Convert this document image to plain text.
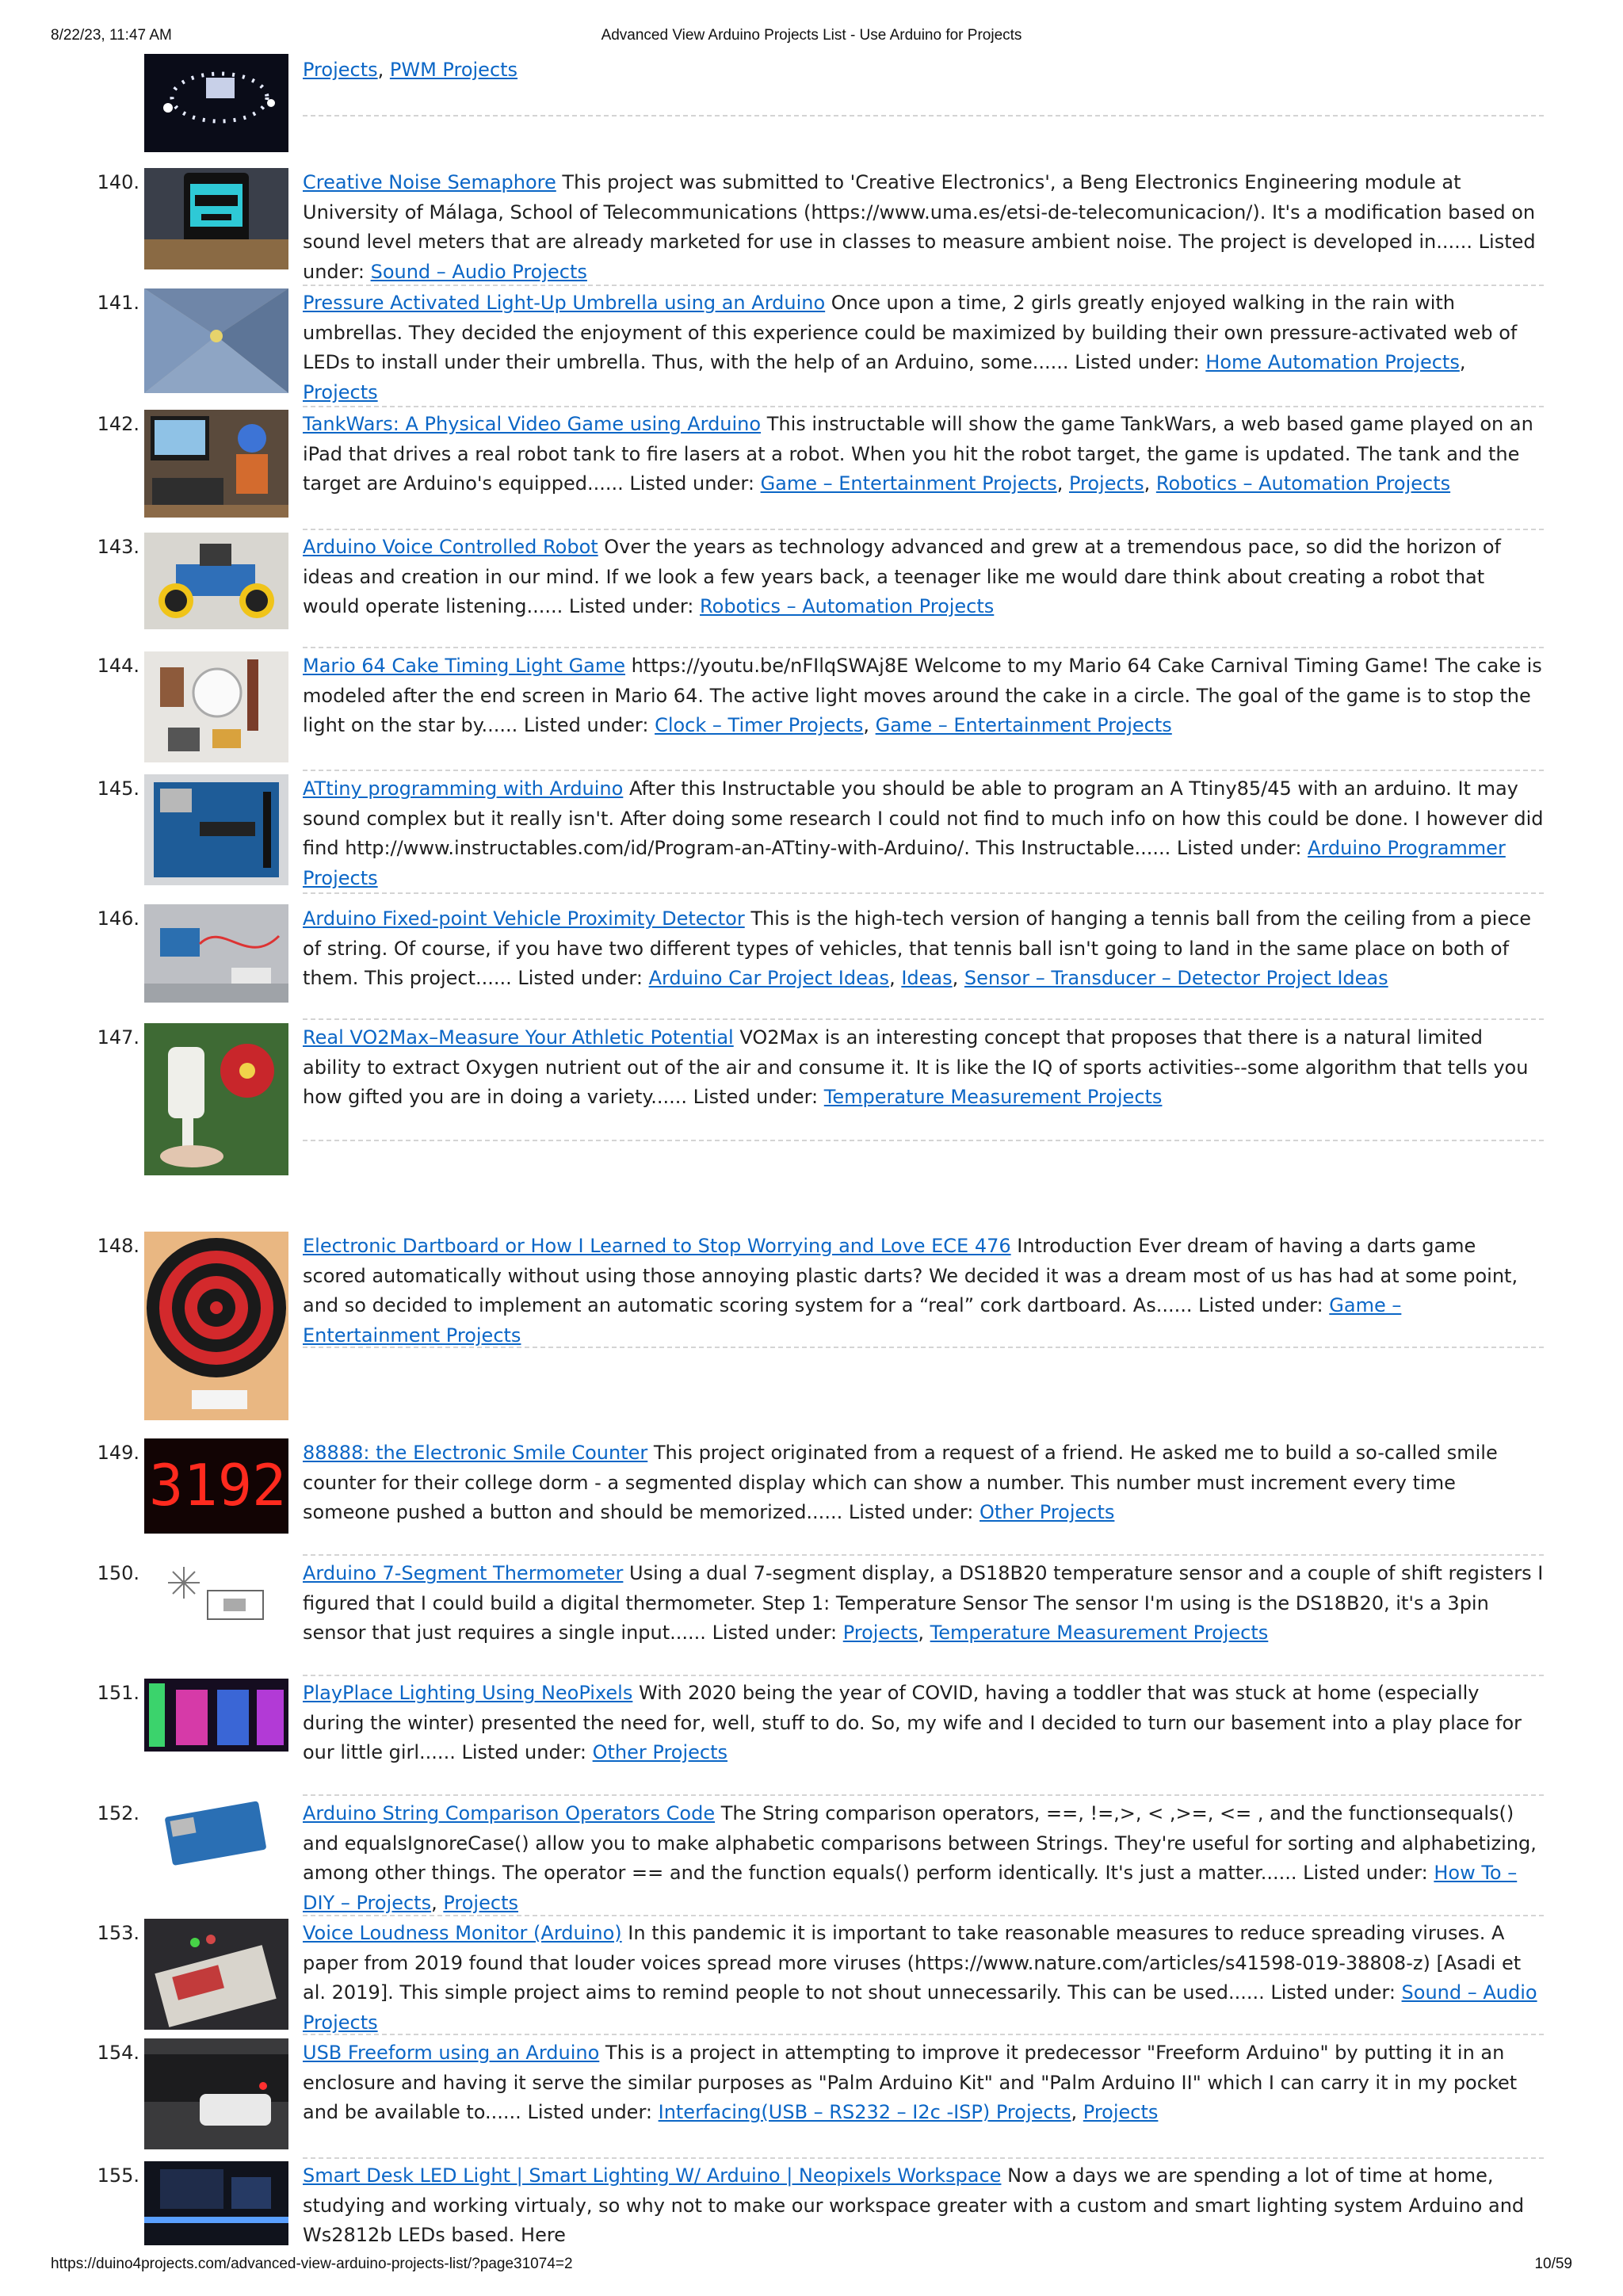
8/22/23, 11:47 AM	Advanced View Arduino Projects List - Use Arduino for Projects
Projects, PWM Projects
140.	Creative Noise Semaphore This project was submitted to 'Creative Electronics', a Beng Electronics Engineering module at University of Málaga, School of Telecommunications (https://www.uma.es/etsi-de-telecomunicacion/). It's a modification based on sound level meters that are already marketed for use in classes to measure ambient noise. The project is developed in...... Listed under: Sound – Audio Projects
141.	Pressure Activated Light-Up Umbrella using an Arduino Once upon a time, 2 girls greatly enjoyed walking in the rain with umbrellas. They decided the enjoyment of this experience could be maximized by building their own pressure-activated web of LEDs to install under their umbrella. Thus, with the help of an Arduino, some...... Listed under: Home Automation Projects, Projects
142.	TankWars: A Physical Video Game using Arduino This instructable will show the game TankWars, a web based game played on an iPad that drives a real robot tank to fire lasers at a robot. When you hit the robot target, the game is updated. The tank and the target are Arduino's equipped...... Listed under: Game – Entertainment Projects, Projects, Robotics – Automation Projects
143.	Arduino Voice Controlled Robot Over the years as technology advanced and grew at a tremendous pace, so did the horizon of ideas and creation in our mind. If we look a few years back, a teenager like me would dare think about creating a robot that would operate listening...... Listed under: Robotics – Automation Projects
144.	Mario 64 Cake Timing Light Game https://youtu.be/nFIlqSWAj8E Welcome to my Mario 64 Cake Carnival Timing Game! The cake is modeled after the end screen in Mario 64. The active light moves around the cake in a circle. The goal of the game is to stop the light on the star by...... Listed under: Clock – Timer Projects, Game – Entertainment Projects
145.	ATtiny programming with Arduino After this Instructable you should be able to program an A Ttiny85/45 with an arduino. It may sound complex but it really isn't. After doing some research I could not find to much info on how this could be done. I however did find http://www.instructables.com/id/Program-an-ATtiny-with-Arduino/. This Instructable...... Listed under: Arduino Programmer Projects
146.	Arduino Fixed-point Vehicle Proximity Detector This is the high-tech version of hanging a tennis ball from the ceiling from a piece of string. Of course, if you have two different types of vehicles, that tennis ball isn't going to land in the same place on both of them. This project...... Listed under: Arduino Car Project Ideas, Ideas, Sensor – Transducer – Detector Project Ideas
147.	Real VO2Max–Measure Your Athletic Potential VO2Max is an interesting concept that proposes that there is a natural limited ability to extract Oxygen nutrient out of the air and consume it. It is like the IQ of sports activities--some algorithm that tells you how gifted you are in doing a variety...... Listed under: Temperature Measurement Projects
148.	Electronic Dartboard or How I Learned to Stop Worrying and Love ECE 476 Introduction Ever dream of having a darts game scored automatically without using those annoying plastic darts? We decided it was a dream most of us has had at some point, and so decided to implement an automatic scoring system for a “real” cork dartboard. As...... Listed under: Game – Entertainment Projects
149. 3192 88888: the Electronic Smile Counter This project originated from a request of a friend. He asked me to build a so-called smile counter for their college dorm - a segmented display which can show a number. This number must increment every time someone pushed a button and should be memorized...... Listed under: Other Projects
150.	Arduino 7-Segment Thermometer Using a dual 7-segment display, a DS18B20 temperature sensor and a couple of shift registers I figured that I could build a digital thermometer. Step 1: Temperature Sensor The sensor I'm using is the DS18B20, it's a 3pin sensor that just requires a single input...... Listed under: Projects, Temperature Measurement Projects
151.	PlayPlace Lighting Using NeoPixels With 2020 being the year of COVID, having a toddler that was stuck at home (especially during the winter) presented the need for, well, stuff to do. So, my wife and I decided to turn our basement into a play place for our little girl...... Listed under: Other Projects
152.	Arduino String Comparison Operators Code The String comparison operators, ==, !=,>, < ,>=, <= , and the functionsequals() and equalsIgnoreCase() allow you to make alphabetic comparisons between Strings. They're useful for sorting and alphabetizing, among other things. The operator == and the function equals() perform identically. It's just a matter...... Listed under: How To – DIY – Projects, Projects
153.	Voice Loudness Monitor (Arduino) In this pandemic it is important to take reasonable measures to reduce spreading viruses. A paper from 2019 found that louder voices spread more viruses (https://www.nature.com/articles/s41598-019-38808-z) [Asadi et al. 2019]. This simple project aims to remind people to not shout unnecessarily. This can be used...... Listed under: Sound – Audio Projects
154.	USB Freeform using an Arduino This is a project in attempting to improve it predecessor "Freeform Arduino" by putting it in an enclosure and having it serve the similar purposes as "Palm Arduino Kit" and "Palm Arduino II" which I can carry it in my pocket and be available to...... Listed under: Interfacing(USB – RS232 – I2c -ISP) Projects, Projects
155.	Smart Desk LED Light | Smart Lighting W/ Arduino | Neopixels Workspace Now a days we are spending a lot of time at home, studying and working virtualy, so why not to make our workspace greater with a custom and smart lighting system Arduino and Ws2812b LEDs based. Here
https://duino4projects.com/advanced-view-arduino-projects-list/?page31074=2	10/59
